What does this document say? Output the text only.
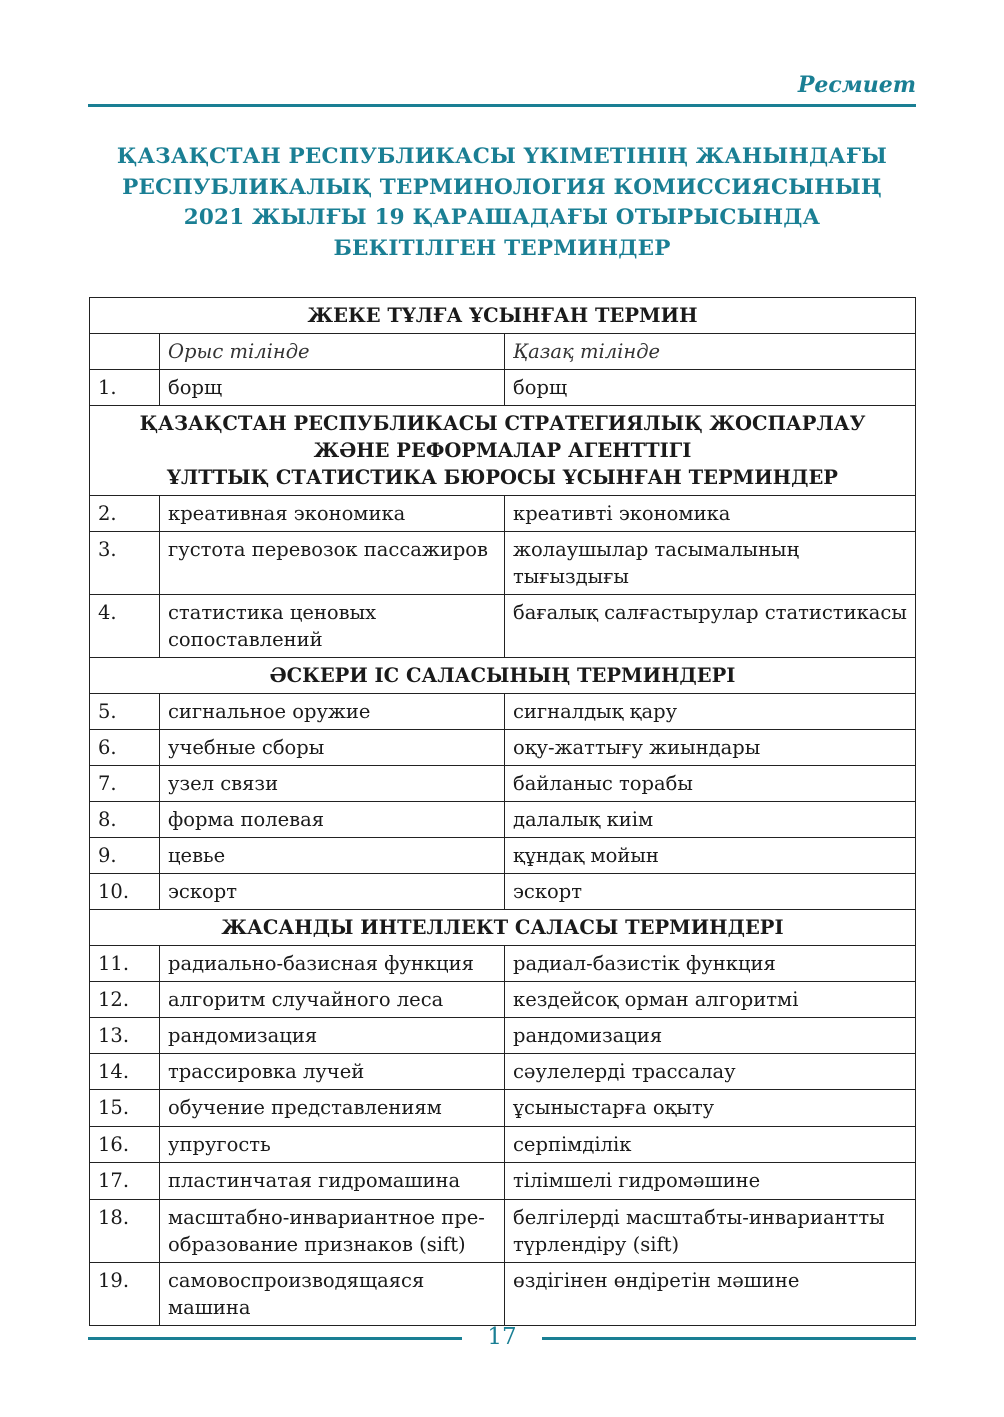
Ресмиет
ҚАЗАҚСТАН РЕСПУБЛИКАСЫ ҮКІМЕТІНІҢ ЖАНЫНДАҒЫ
РЕСПУБЛИКАЛЫҚ ТЕРМИНОЛОГИЯ КОМИССИЯСЫНЫҢ
2021 ЖЫЛҒЫ 19 ҚАРАШАДАҒЫ ОТЫРЫСЫНДА
БЕКІТІЛГЕН ТЕРМИНДЕР
ЖЕКЕ ТҰЛҒА ҰСЫНҒАН ТЕРМИН		

	Орыс тілінде	Қазақ тілінде
1.	борщ	борщ

ҚАЗАҚСТАН РЕСПУБЛИКАСЫ СТРАТЕГИЯЛЫҚ ЖОСПАРЛАУ
ЖӘНЕ РЕФОРМАЛАР АГЕНТТІГІ
ҰЛТТЫҚ СТАТИСТИКА БЮРОСЫ ҰСЫНҒАН ТЕРМИНДЕР		

2.	креативная экономика	креативті экономика
3.	густота перевозок пассажиров	жолаушылар тасымалының тығыздығы
4.	статистика ценовых сопоставлений	бағалық салғастырулар статистикасы

ӘСКЕРИ ІС САЛАСЫНЫҢ ТЕРМИНДЕРІ		

5.	сигнальное оружие	сигналдық қару
6.	учебные сборы	оқу-жаттығу жиындары
7.	узел связи	байланыс торабы
8.	форма полевая	далалық киім
9.	цевье	құндақ мойын
10.	эскорт	эскорт

ЖАСАНДЫ ИНТЕЛЛЕКТ САЛАСЫ ТЕРМИНДЕРІ		

11.	радиально-базисная функция	радиал-базистік функция
12.	алгоритм случайного леса	кездейсоқ орман алгоритмі
13.	рандомизация	рандомизация
14.	трассировка лучей	сәулелерді трассалау
15.	обучение представлениям	ұсыныстарға оқыту
16.	упругость	серпімділік
17.	пластинчатая гидромашина	тілімшелі гидромәшине
18.	масштабно-инвариантное пре-образование признаков (sift)	белгілерді масштабты-инвариантты түрлендіру (sift)
19.	самовоспроизводящаяся машина	өздігінен өндіретін мәшине
17
